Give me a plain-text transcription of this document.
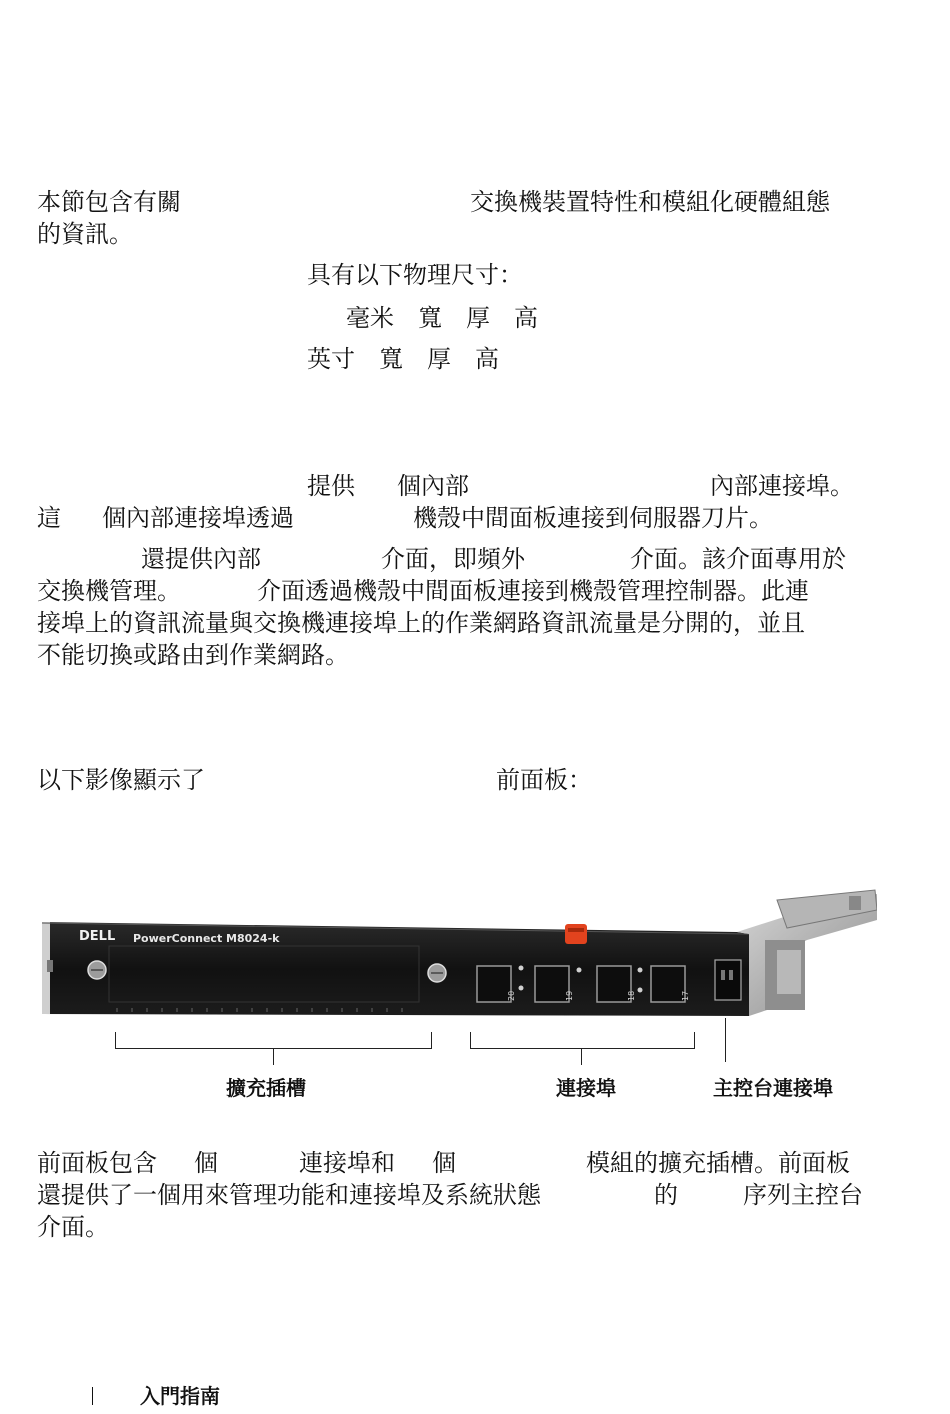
本節包含有關	交換機裝置特性和模組化硬體組態
的資訊。
具有以下物理尺寸：
毫米　寬　厚　高
英寸　寬　厚　高
提供 個內部	內部連接埠。
這 個內部連接埠透過	機殼中間面板連接到伺服器刀片。
還提供內部	介面，即頻外	介面。該介面專用於
交換機管理。	介面透過機殼中間面板連接到機殼管理控制器。此連
接埠上的資訊流量與交換機連接埠上的作業網路資訊流量是分開的，並且
不能切換或路由到作業網路。
以下影像顯示了	前面板：
DELL PowerConnect M8024-k
20	19	18	17
擴充插槽	連接埠	主控台連接埠
前面板包含 個	連接埠和 個	模組的擴充插槽。前面板
還提供了一個用來管理功能和連接埠及系統狀態	的	序列主控台
介面。
入門指南
